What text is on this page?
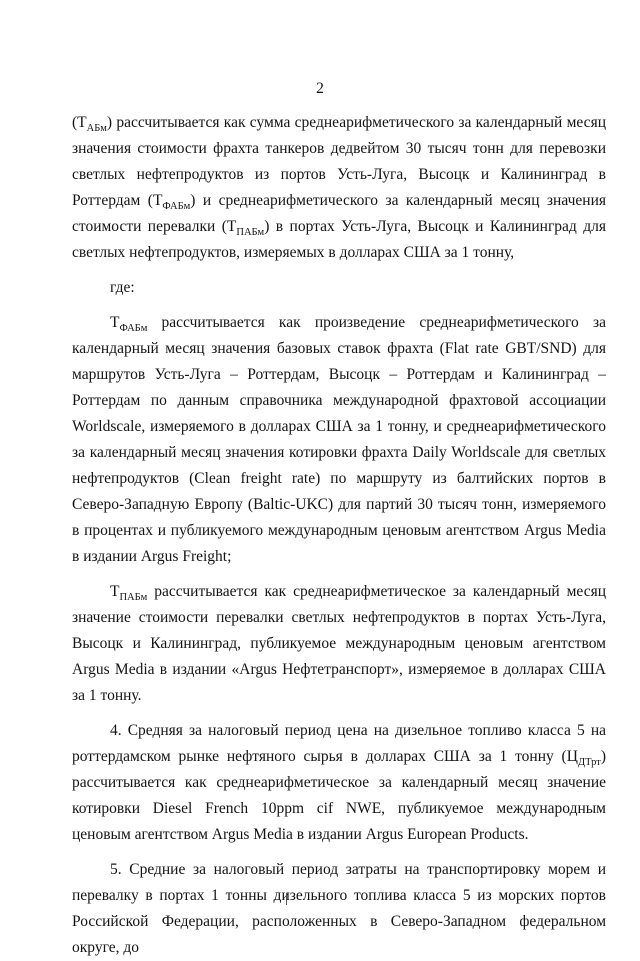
2

$(Т_{АБм})$ рассчитывается как сумма среднеарифметического за календарный месяц значения стоимости фрахта танкеров дедвейтом 30 тысяч тонн для перевозки светлых нефтепродуктов из портов Усть-Луга, Высоцк и Калининград в Роттердам $(Т_{ФАБм})$ и среднеарифметического за календарный месяц значения стоимости перевалки $(Т_{ПАБм})$ в портах Усть-Луга, Высоцк и Калининград для светлых нефтепродуктов, измеряемых в долларах США за 1 тонну,

где:

$Т_{ФАБм}$ рассчитывается как произведение среднеарифметического за календарный месяц значения базовых ставок фрахта (Flat rate GBT/SND) для маршрутов Усть-Луга – Роттердам, Высоцк – Роттердам и Калининград – Роттердам по данным справочника международной фрахтовой ассоциации Worldscale, измеряемого в долларах США за 1 тонну, и среднеарифметического за календарный месяц значения котировки фрахта Daily Worldscale для светлых нефтепродуктов (Clean freight rate) по маршруту из балтийских портов в Северо-Западную Европу (Baltic-UKC) для партий 30 тысяч тонн, измеряемого в процентах и публикуемого международным ценовым агентством Argus Media в издании Argus Freight;

$Т_{ПАБм}$ рассчитывается как среднеарифметическое за календарный месяц значение стоимости перевалки светлых нефтепродуктов в портах Усть-Луга, Высоцк и Калининград, публикуемое международным ценовым агентством Argus Media в издании «Argus Нефтетранспорт», измеряемое в долларах США за 1 тонну.

4. Средняя за налоговый период цена на дизельное топливо класса 5 на роттердамском рынке нефтяного сырья в долларах США за 1 тонну $(Ц_{ДТрт})$ рассчитывается как среднеарифметическое за календарный месяц значение котировки Diesel French 10ppm cif NWE, публикуемое международным ценовым агентством Argus Media в издании Argus European Products.

5. Средние за налоговый период затраты на транспортировку морем и перевалку в портах 1 тонны дизельного топлива класса 5 из морских портов Российской Федерации, расположенных в Северо-Западном федеральном округе, до
